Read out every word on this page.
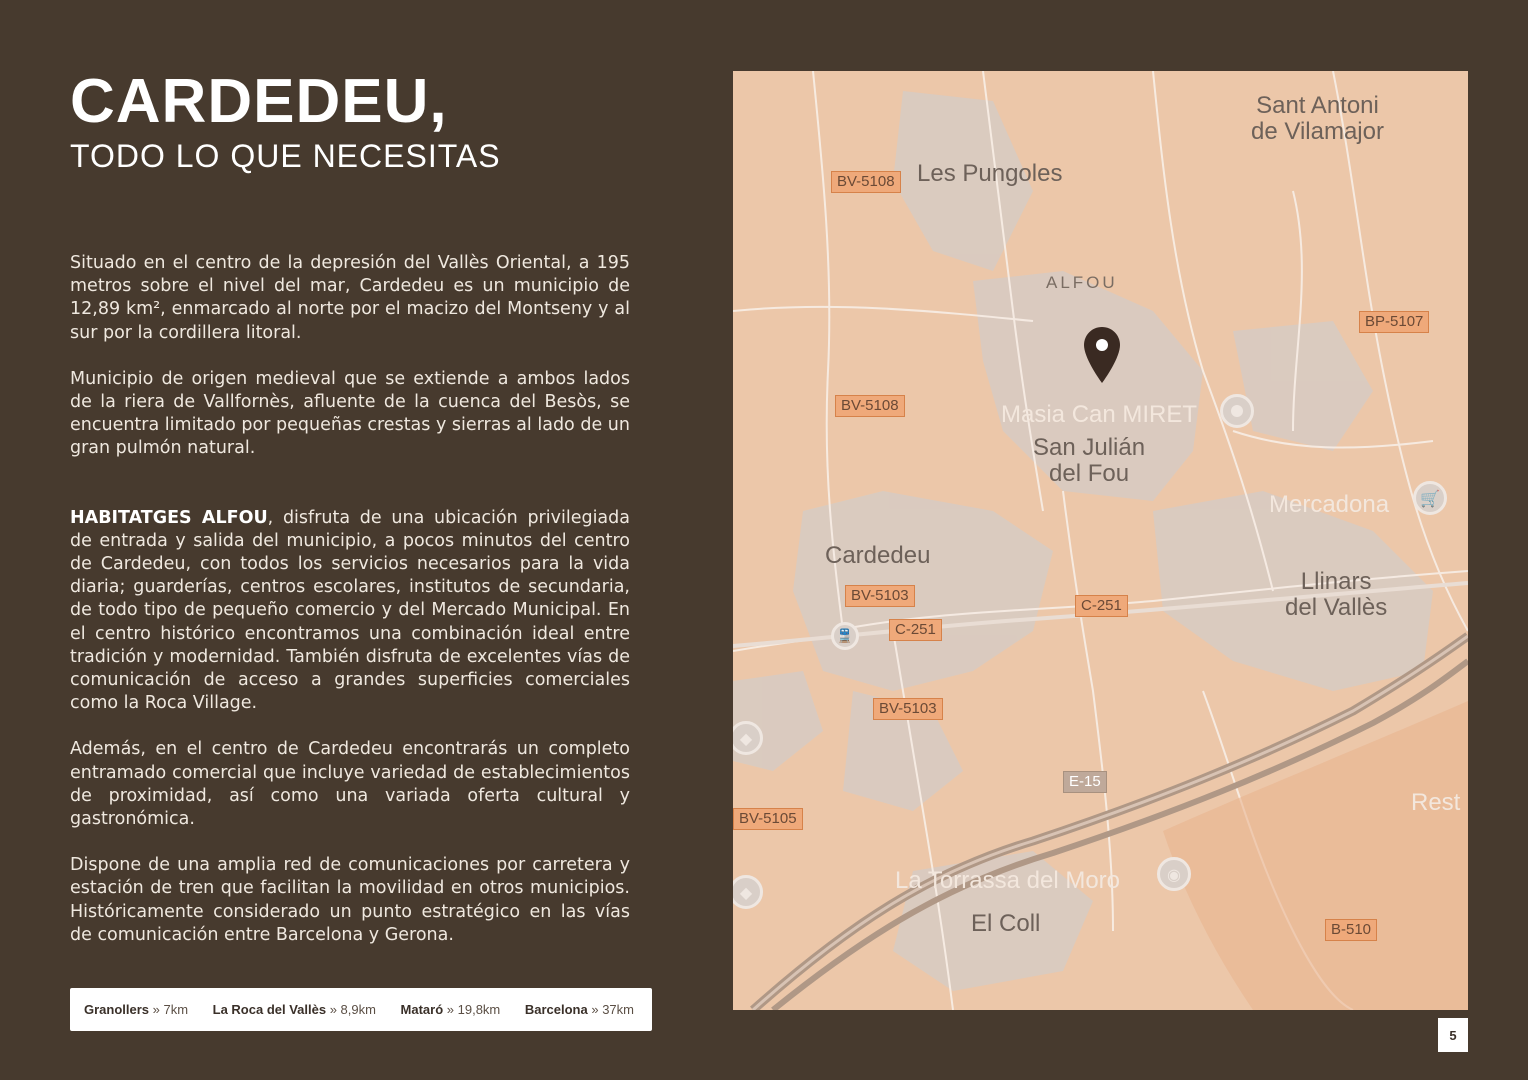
CARDEDEU,
TODO LO QUE NECESITAS

Situado en el centro de la depresión del Vallès Oriental, a 195 metros sobre el nivel del mar, Cardedeu es un municipio de 12,89 km², enmarcado al norte por el macizo del Montseny y al sur por la cordillera litoral.

Municipio de origen medieval que se extiende a ambos lados de la riera de Vallfornès, afluente de la cuenca del Besòs, se encuentra limitado por pequeñas crestas y sierras al lado de un gran pulmón natural.

HABITATGES ALFOU, disfruta de una ubicación privilegiada de entrada y salida del municipio, a pocos minutos del centro de Cardedeu, con todos los servicios necesarios para la vida diaria; guarderías, centros escolares, institutos de secundaria, de todo tipo de pequeño comercio y del Mercado Municipal. En el centro histórico encontramos una combinación ideal entre tradición y modernidad. También disfruta de excelentes vías de comunicación de acceso a grandes superficies comerciales como la Roca Village.

Además, en el centro de Cardedeu encontrarás un completo entramado comercial que incluye variedad de establecimientos de proximidad, así como una variada oferta cultural y gastronómica.

Dispone de una amplia red de comunicaciones por carretera y estación de tren que facilitan la movilidad en otros municipios. Históricamente considerado un punto estratégico en las vías de comunicación entre Barcelona y Gerona.

Granollers » 7km La Roca del Vallès » 8,9km Mataró » 19,8km Barcelona » 37km
Sant Antoni
de Vilamajor
Les Pungoles
ALFOU
Masia Can MIRET
San Julián
del Fou
Mercadona
Cardedeu
Llinars
del Vallès
Rest
La Torrassa del Moro
El Coll
BV-5108
BP-5107
BV-5108
BV-5103
C-251
C-251
BV-5103
E-15
BV-5105
B-510
🛒
🚆
◉
◆
◆
5
